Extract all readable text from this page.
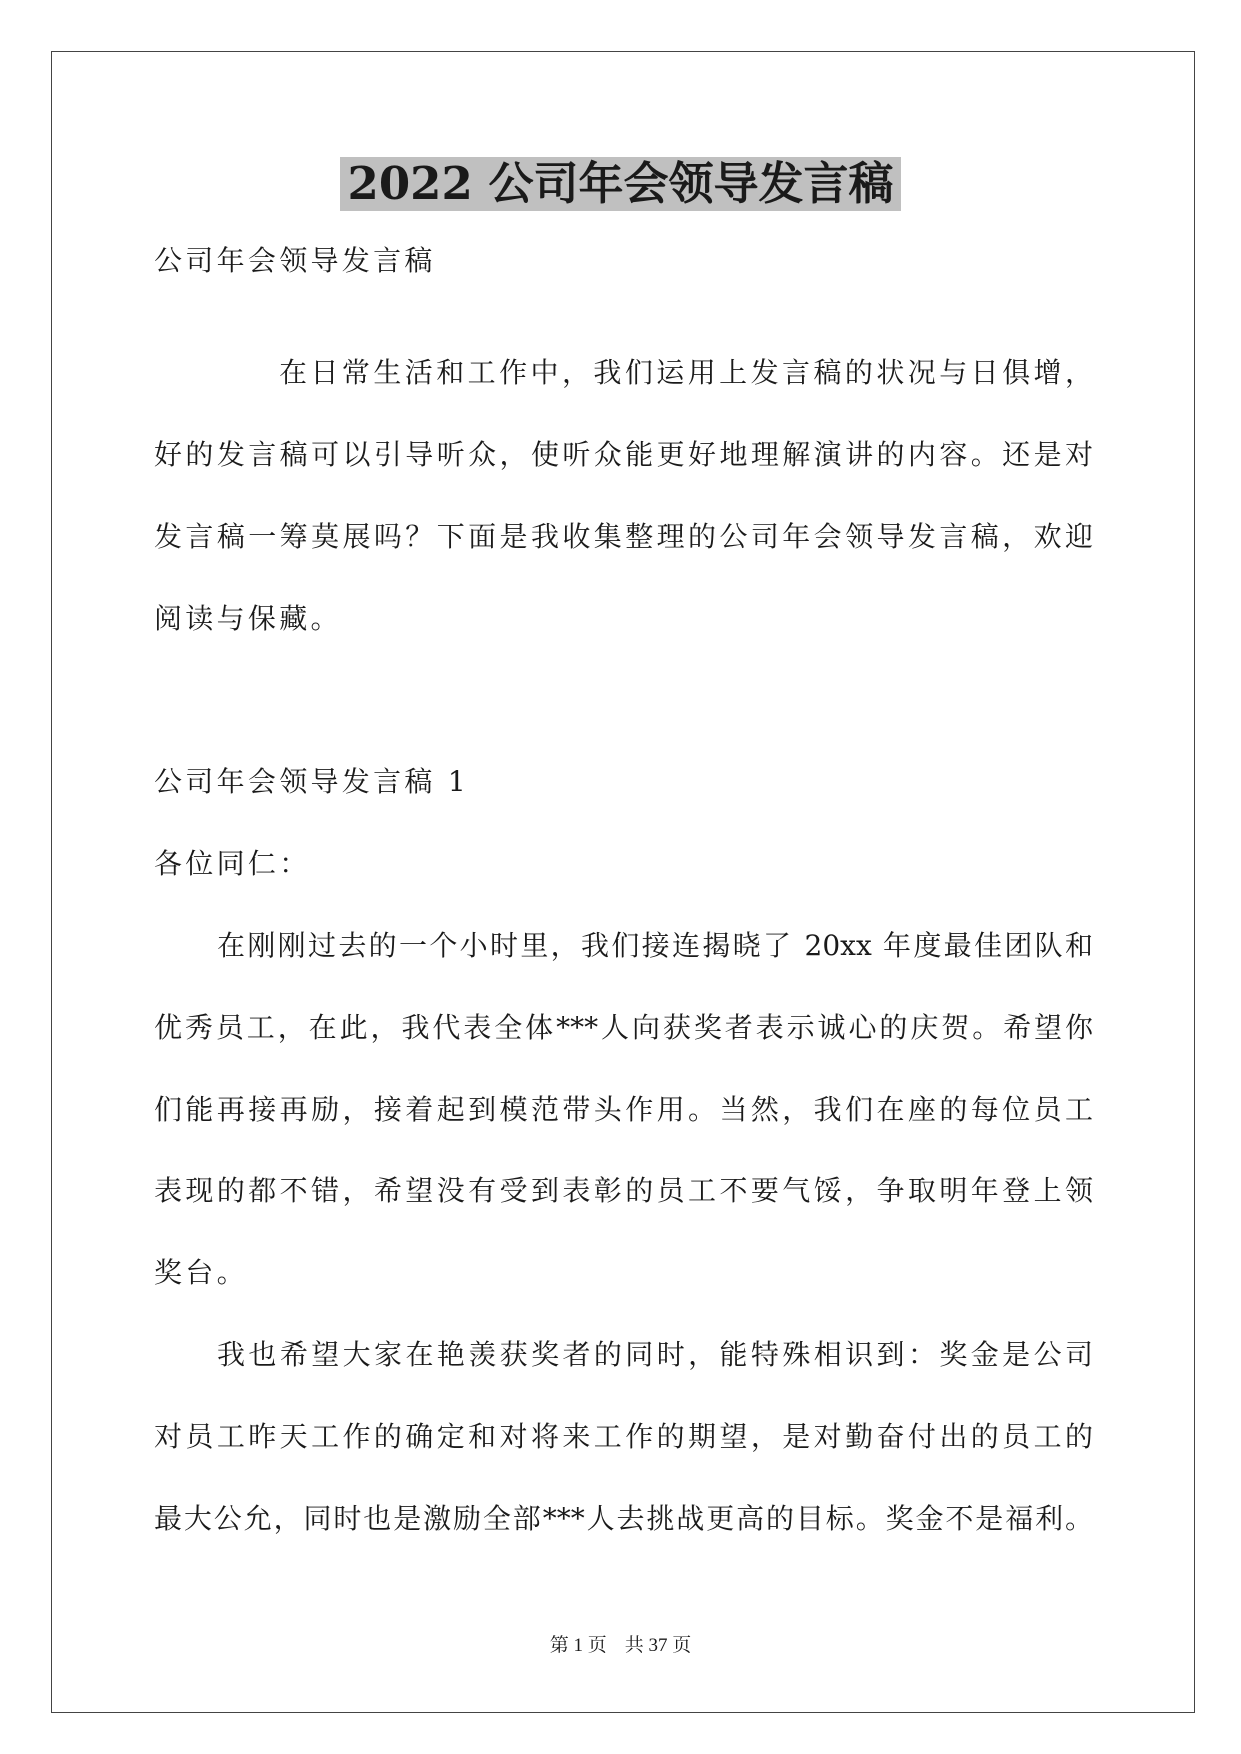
2022 公司年会领导发言稿
公司年会领导发言稿
在日常生活和工作中，我们运用上发言稿的状况与日俱增，
好的发言稿可以引导听众，使听众能更好地理解演讲的内容。还是对
发言稿一筹莫展吗？下面是我收集整理的公司年会领导发言稿，欢迎
阅读与保藏。
公司年会领导发言稿 1
各位同仁：
在刚刚过去的一个小时里，我们接连揭晓了 20xx 年度最佳团队和
优秀员工，在此，我代表全体***人向获奖者表示诚心的庆贺。希望你
们能再接再励，接着起到模范带头作用。当然，我们在座的每位员工
表现的都不错，希望没有受到表彰的员工不要气馁，争取明年登上领
奖台。
我也希望大家在艳羡获奖者的同时，能特殊相识到：奖金是公司
对员工昨天工作的确定和对将来工作的期望，是对勤奋付出的员工的
最大公允，同时也是激励全部***人去挑战更高的目标。奖金不是福利。
第 1 页 共 37 页
